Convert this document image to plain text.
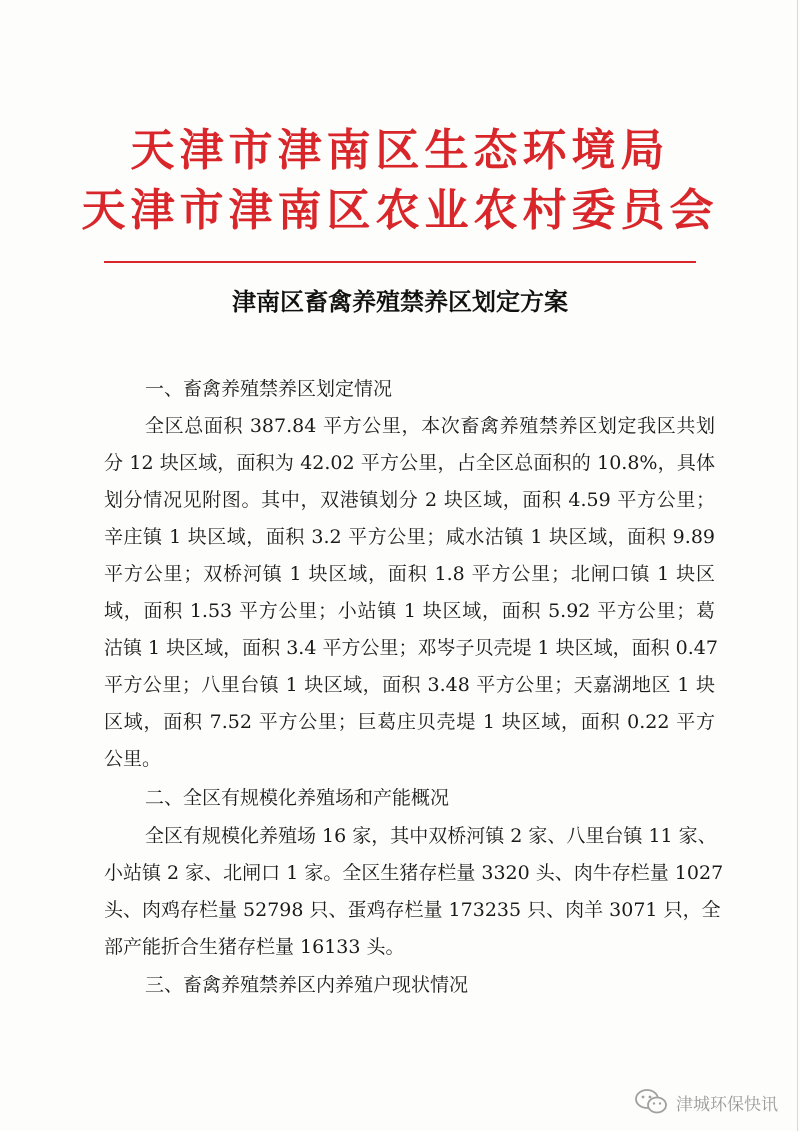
天津市津南区生态环境局
天津市津南区农业农村委员会
津南区畜禽养殖禁养区划定方案
一、畜禽养殖禁养区划定情况
全区总面积 387.84 平方公里，本次畜禽养殖禁养区划定我区共划
分 12 块区域，面积为 42.02 平方公里，占全区总面积的 10.8%，具体
划分情况见附图。其中，双港镇划分 2 块区域，面积 4.59 平方公里；
辛庄镇 1 块区域，面积 3.2 平方公里；咸水沽镇 1 块区域，面积 9.89
平方公里；双桥河镇 1 块区域，面积 1.8 平方公里；北闸口镇 1 块区
域，面积 1.53 平方公里；小站镇 1 块区域，面积 5.92 平方公里；葛
沽镇 1 块区域，面积 3.4 平方公里；邓岑子贝壳堤 1 块区域，面积 0.47
平方公里；八里台镇 1 块区域，面积 3.48 平方公里；天嘉湖地区 1 块
区域，面积 7.52 平方公里；巨葛庄贝壳堤 1 块区域，面积 0.22 平方
公里。
二、全区有规模化养殖场和产能概况
全区有规模化养殖场 16 家，其中双桥河镇 2 家、八里台镇 11 家、
小站镇 2 家、北闸口 1 家。全区生猪存栏量 3320 头、肉牛存栏量 1027
头、肉鸡存栏量 52798 只、蛋鸡存栏量 173235 只、肉羊 3071 只，全
部产能折合生猪存栏量 16133 头。
三、畜禽养殖禁养区内养殖户现状情况
津城环保快讯
